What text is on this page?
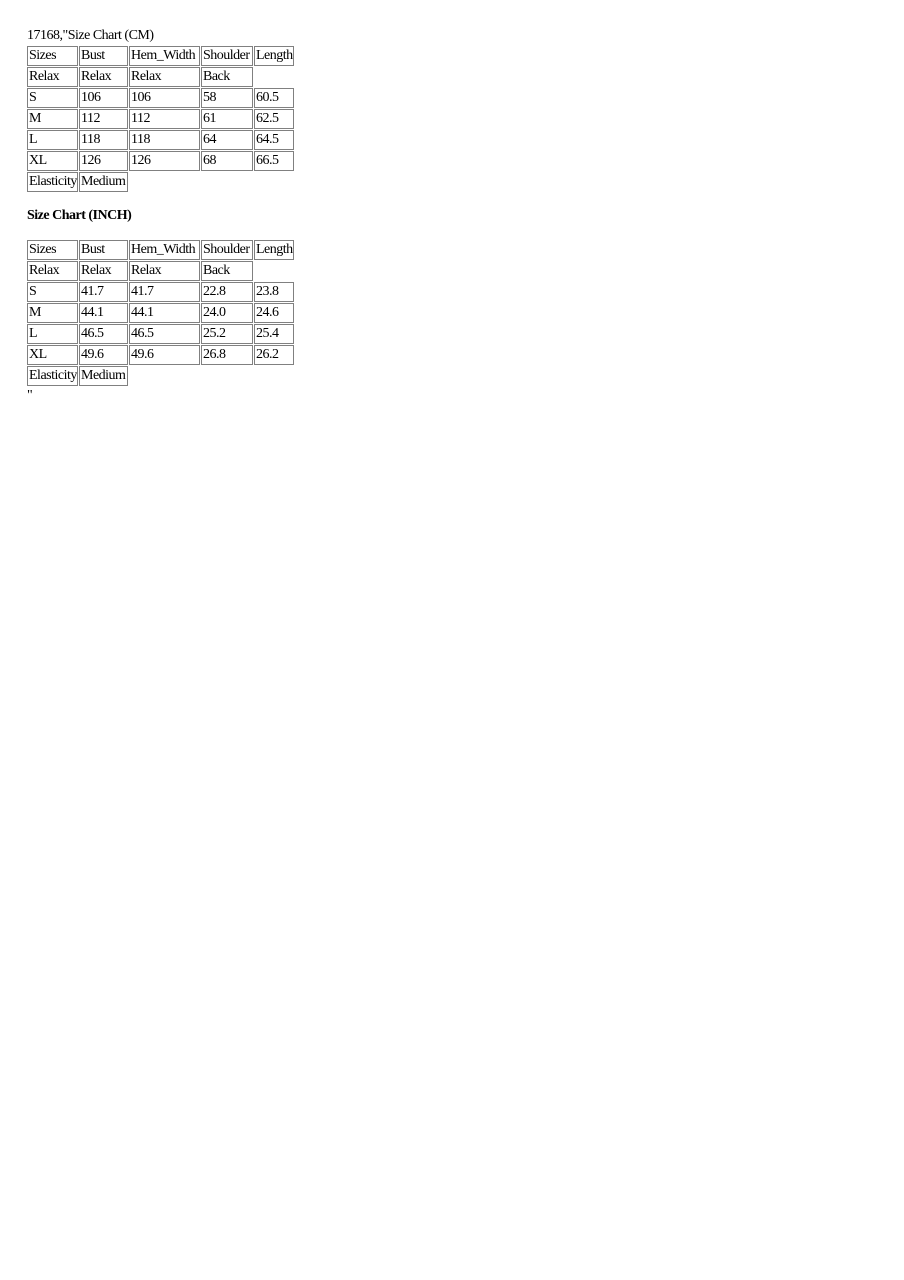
17168,"Size Chart (CM)
Sizes	Bust	Hem_Width	Shoulder	Length
Relax	Relax	Relax	Back	
S	106	106	58	60.5
M	112	112	61	62.5
L	118	118	64	64.5
XL	126	126	68	66.5
Elasticity	Medium			
Size Chart (INCH)
Sizes	Bust	Hem_Width	Shoulder	Length
Relax	Relax	Relax	Back	
S	41.7	41.7	22.8	23.8
M	44.1	44.1	24.0	24.6
L	46.5	46.5	25.2	25.4
XL	49.6	49.6	26.8	26.2
Elasticity	Medium			
"
